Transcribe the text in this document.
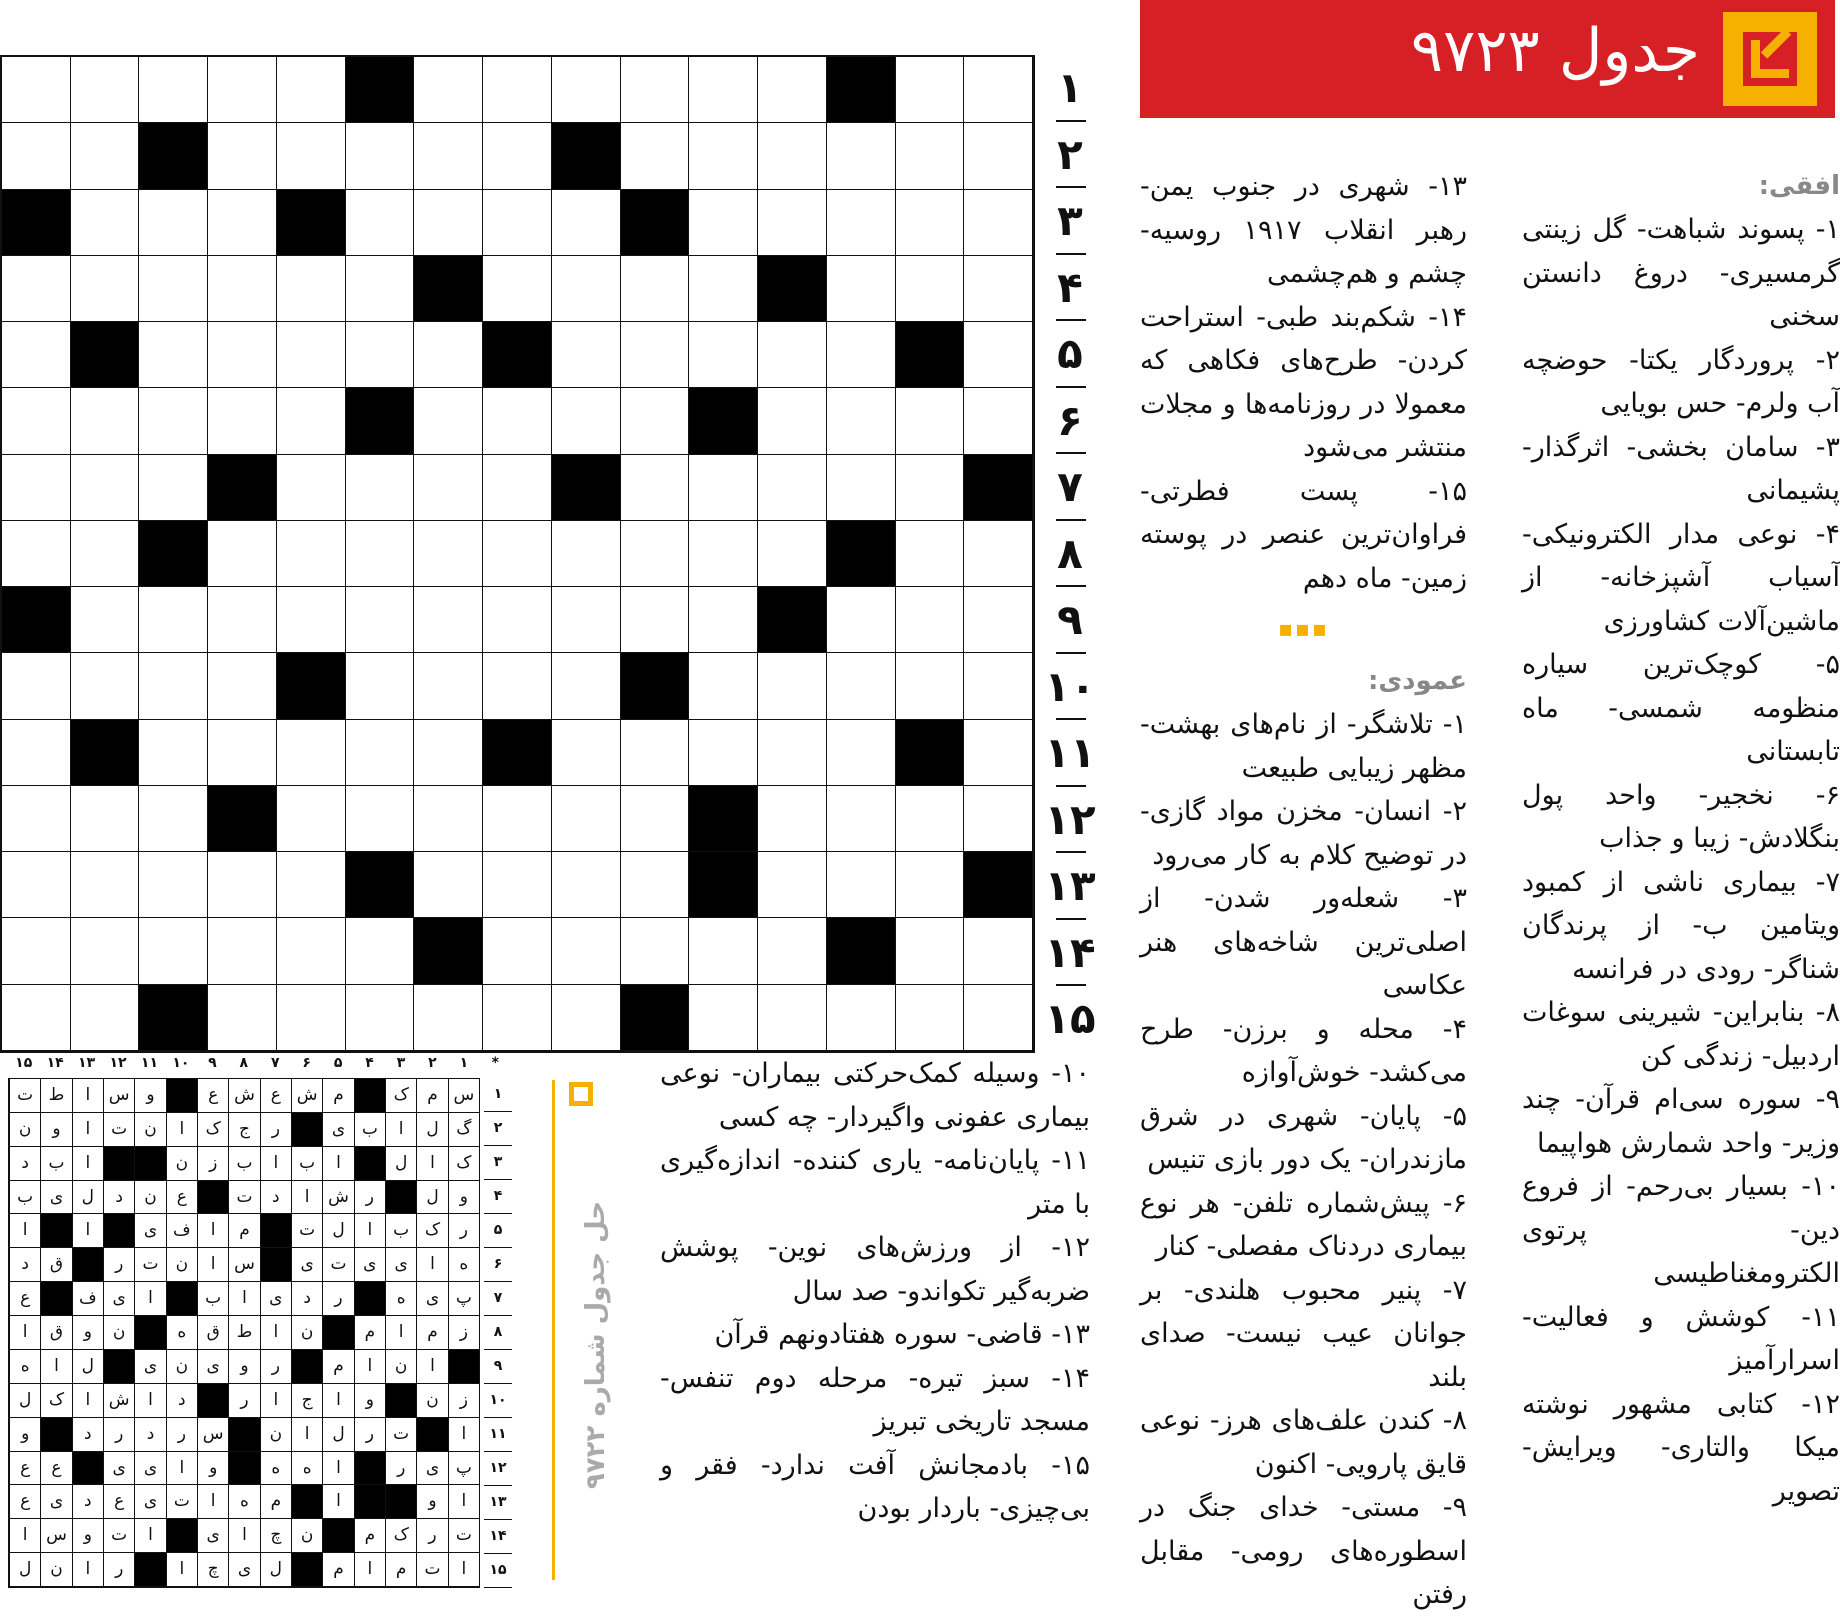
جدول ۹۷۲۳

افقی:

۱- پسوند شباهت- گل زینتی گرمسیری- دروغ دانستن سخنی

۲- پروردگار یکتا- حوضچه آب ولرم- حس بویایی

۳- سامان بخشی- اثرگذار- پشیمانی

۴- نوعی مدار الکترونیکی- آسیاب آشپزخانه- از ماشین‌آلات کشاورزی

۵- کوچک‌ترین سیاره منظومه شمسی- ماه تابستانی

۶- نخجیر- واحد پول بنگلادش- زیبا و جذاب

۷- بیماری ناشی از کمبود ویتامین ب- از پرندگان شناگر- رودی در فرانسه

۸- بنابراین- شیرینی سوغات اردبیل- زندگی کن

۹- سوره سی‌ام قرآن- چند وزیر- واحد شمارش هواپیما

۱۰- بسیار بی‌رحم- از فروع دین- پرتوی الکترومغناطیسی

۱۱- کوشش و فعالیت- اسرارآمیز

۱۲- کتابی مشهور نوشته میکا والتاری- ویرایش- تصویر

۱۳- شهری در جنوب یمن- رهبر انقلاب ۱۹۱۷ روسیه- چشم و هم‌چشمی

۱۴- شکم‌بند طبی- استراحت کردن- طرح‌های فکاهی که معمولا در روزنامه‌ها و مجلات منتشر می‌شود

۱۵- پست فطرتی- فراوان‌ترین عنصر در پوسته زمین- ماه دهم

▪▪▪

عمودی:

۱- تلاشگر- از نام‌های بهشت- مظهر زیبایی طبیعت

۲- انسان- مخزن مواد گازی- در توضیح کلام به کار می‌رود

۳- شعله‌ور شدن- از اصلی‌ترین شاخه‌های هنر عکاسی

۴- محله و برزن- طرح می‌کشد- خوش‌آوازه

۵- پایان- شهری در شرق مازندران- یک دور بازی تنیس

۶- پیش‌شماره تلفن- هر نوع بیماری دردناک مفصلی- کنار

۷- پنیر محبوب هلندی- بر جوانان عیب نیست- صدای بلند

۸- کندن علف‌های هرز- نوعی قایق پارویی- اکنون

۹- مستی- خدای جنگ در اسطوره‌های رومی- مقابل رفتن

۱۰- وسیله کمک‌حرکتی بیماران- نوعی بیماری عفونی واگیردار- چه کسی

۱۱- پایان‌نامه- یاری کننده- اندازه‌گیری با متر

۱۲- از ورزش‌های نوین- پوشش ضربه‌گیر تکواندو- صد سال

۱۳- قاضی- سوره هفتادونهم قرآن

۱۴- سبز تیره- مرحله دوم تنفس- مسجد تاریخی تبریز

۱۵- بادمجانش آفت ندارد- فقر و بی‌چیزی- باردار بودن

۱
۲
۳
۴
۵
۶
۷
۸
۹
۱۰
۱۱
۱۲
۱۳
۱۴
۱۵
*
۱
۲
۳
۴
۵
۶
۷
۸
۹
۱۰
۱۱
۱۲
۱۳
۱۴
۱۵
س
م
ک
م
ش
ع
ش
ع
و
س
ا
ط
ت
گ
ل
ا
ب
ی
ر
ج
ک
ا
ن
ت
ا
و
ن
ک
ا
ل
ا
ب
ا
ب
ز
ن
ا
ب
د
و
ل
ر
ش
ا
د
ت
ع
ن
د
ل
ی
ب
ر
ک
ب
ا
ل
ت
م
ا
ف
ی
ا
ا
ه
ا
ی
ی
ت
ی
س
ا
ن
ت
ر
ق
د
پ
ی
ه
ر
د
ی
ا
ب
ا
ی
ف
ع
ز
م
ا
م
ن
ا
ط
ق
ه
ن
و
ق
ا
ا
ن
ا
م
ر
و
ی
ن
ی
ل
ا
ه
ز
ن
و
ا
ج
ا
ر
د
ا
ش
ا
ک
ل
ا
ت
ر
ل
ا
ن
س
ر
د
ر
د
و
پ
ی
ر
ا
ه
ه
و
ا
ی
ی
ع
ع
ا
و
ا
م
ه
ا
ت
ی
ع
د
ی
ع
ت
ر
ک
م
ن
چ
ا
ی
ا
ت
و
س
ا
ا
ت
م
ا
م
ل
ی
چ
ا
ر
ا
ن
ل
۱
۲
۳
۴
۵
۶
۷
۸
۹
۱۰
۱۱
۱۲
۱۳
۱۴
۱۵
حل جدول شماره ۹۷۲۲
